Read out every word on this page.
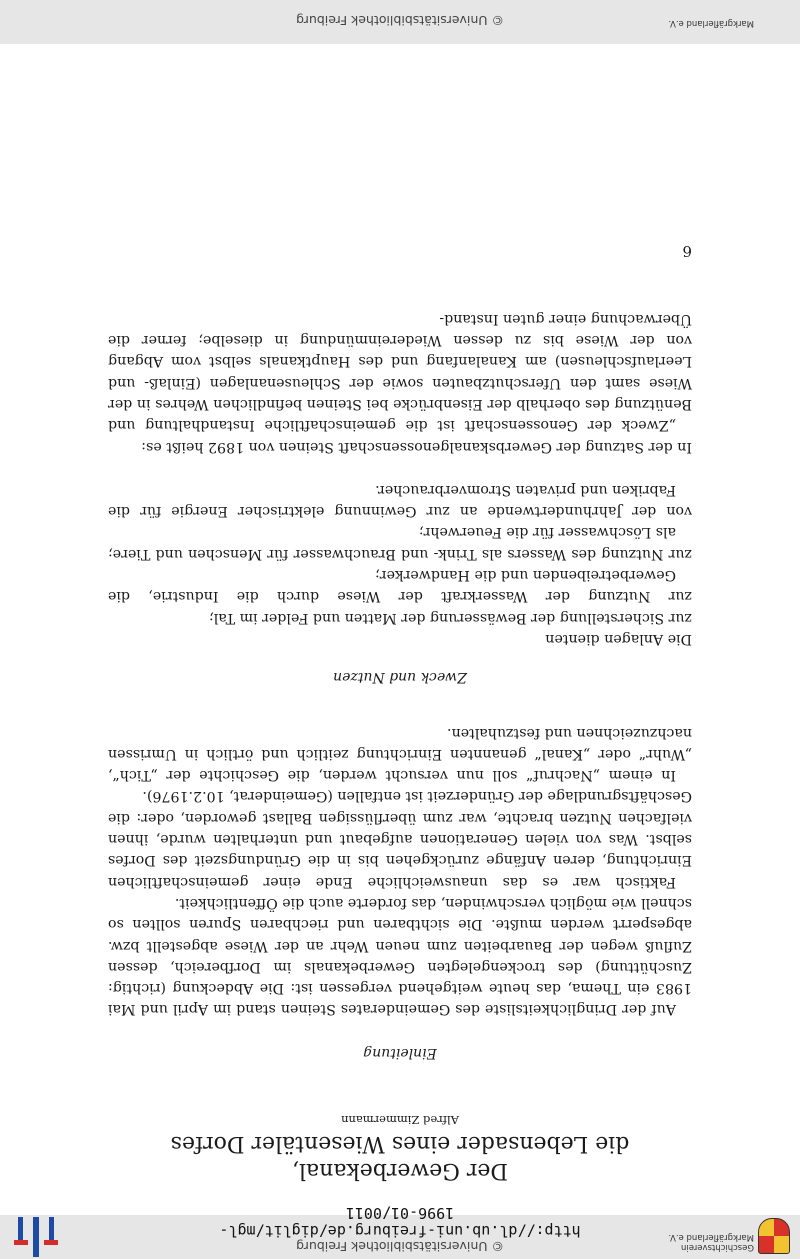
Geschichtsverein
Markgräflerland e.V.
© Universitätsbibliothek Freiburg
http://dl.ub.uni-freiburg.de/diglit/mgl-1996-01/0011
Der Gewerbekanal,
die Lebensader eines Wiesentäler Dorfes

Alfred Zimmermann

Einleitung

Auf der Dringlichkeitsliste des Gemeinderates Steinen stand im April und Mai 1983 ein Thema, das heute weitgehend vergessen ist: Die Abdeckung (richtig: Zuschüttung) des trockengelegten Gewerbekanals im Dorfbereich, dessen Zufluß wegen der Bauarbeiten zum neuen Wehr an der Wiese abgestellt bzw. abgesperrt werden mußte. Die sichtbaren und riechbaren Spuren sollten so schnell wie möglich verschwinden, das forderte auch die Öffentlichkeit.

Faktisch war es das unausweichliche Ende einer gemeinschaftlichen Einrichtung, deren Anfänge zurückgehen bis in die Gründungszeit des Dorfes selbst. Was von vielen Generationen aufgebaut und unterhalten wurde, ihnen vielfachen Nutzen brachte, war zum überflüssigen Ballast geworden, oder: die Geschäftsgrundlage der Gründerzeit ist entfallen (Gemeinderat, 10.2.1976).

In einem „Nachruf“ soll nun versucht werden, die Geschichte der „Tich“, „Wuhr“ oder „Kanal“ genannten Einrichtung zeitlich und örtlich in Umrissen nachzuzeichnen und festzuhalten.

Zweck und Nutzen

Die Anlagen dienten

zur Sicherstellung der Bewässerung der Matten und Felder im Tal;
zur Nutzung der Wasserkraft der Wiese durch die Industrie, die Gewerbetreibenden und die Handwerker;
zur Nutzung des Wassers als Trink- und Brauchwasser für Menschen und Tiere; als Löschwasser für die Feuerwehr;
von der Jahrhundertwende an zur Gewinnung elektrischer Energie für die Fabriken und privaten Stromverbraucher.

In der Satzung der Gewerbskanalgenossenschaft Steinen von 1892 heißt es:

„Zweck der Genossenschaft ist die gemeinschaftliche Instandhaltung und Benützung des oberhalb der Eisenbrücke bei Steinen befindlichen Wehres in der Wiese samt den Uferschutzbauten sowie der Schleusenanlagen (Einlaß- und Leerlaufschleusen) am Kanalanfang und des Hauptkanals selbst vom Abgang von der Wiese bis zu dessen Wiedereinmündung in dieselbe; ferner die Überwachung einer guten Instand-

6

Markgräflerland e.V.
© Universitätsbibliothek Freiburg
